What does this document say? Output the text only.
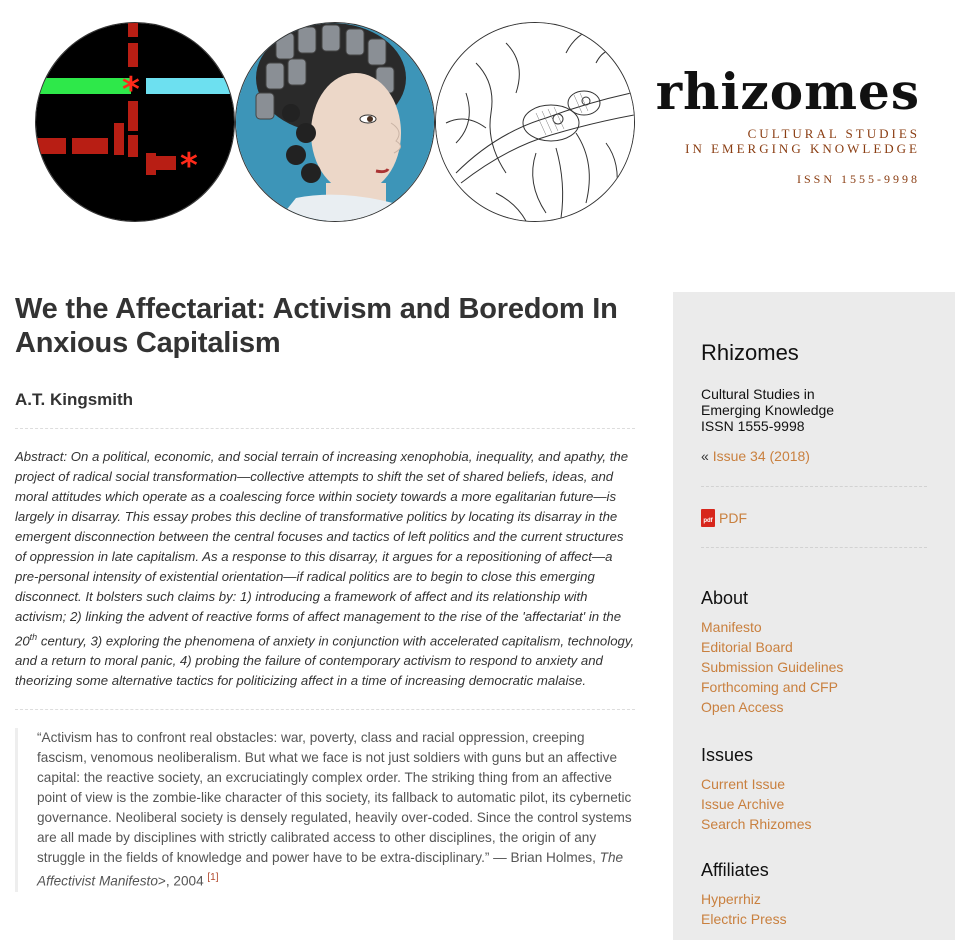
*
*
rhizomes
CULTURAL STUDIES
IN EMERGING KNOWLEDGE
ISSN 1555-9998
We the Affectariat: Activism and Boredom In Anxious Capitalism
A.T. Kingsmith

Abstract: On a political, economic, and social terrain of increasing xenophobia, inequality, and apathy, the project of radical social transformation—collective attempts to shift the set of shared beliefs, ideas, and moral attitudes which operate as a coalescing force within society towards a more egalitarian future—is largely in disarray. This essay probes this decline of transformative politics by locating its disarray in the emergent disconnection between the central focuses and tactics of left politics and the current structures of oppression in late capitalism. As a response to this disarray, it argues for a repositioning of affect—a pre-personal intensity of existential orientation—if radical politics are to begin to close this emerging disconnect. It bolsters such claims by: 1) introducing a framework of affect and its relationship with activism; 2) linking the advent of reactive forms of affect management to the rise of the 'affectariat' in the 20th century, 3) exploring the phenomena of anxiety in conjunction with accelerated capitalism, technology, and a return to moral panic, 4) probing the failure of contemporary activism to respond to anxiety and theorizing some alternative tactics for politicizing affect in a time of increasing democratic malaise.

“Activism has to confront real obstacles: war, poverty, class and racial oppression, creeping fascism, venomous neoliberalism. But what we face is not just soldiers with guns but an affective capital: the reactive society, an excruciatingly complex order. The striking thing from an affective point of view is the zombie-like character of this society, its fallback to automatic pilot, its cybernetic governance. Neoliberal society is densely regulated, heavily over-coded. Since the control systems are all made by disciplines with strictly calibrated access to other disciplines, the origin of any struggle in the fields of knowledge and power have to be extra-disciplinary.” — Brian Holmes, The Affectivist Manifesto>, 2004 [1]
Rhizomes
Cultural Studies in
Emerging Knowledge
ISSN 1555-9998
« Issue 34 (2018)
pdf PDF
About
Manifesto
Editorial Board
Submission Guidelines
Forthcoming and CFP
Open Access
Issues
Current Issue
Issue Archive
Search Rhizomes
Affiliates
Hyperrhiz
Electric Press
